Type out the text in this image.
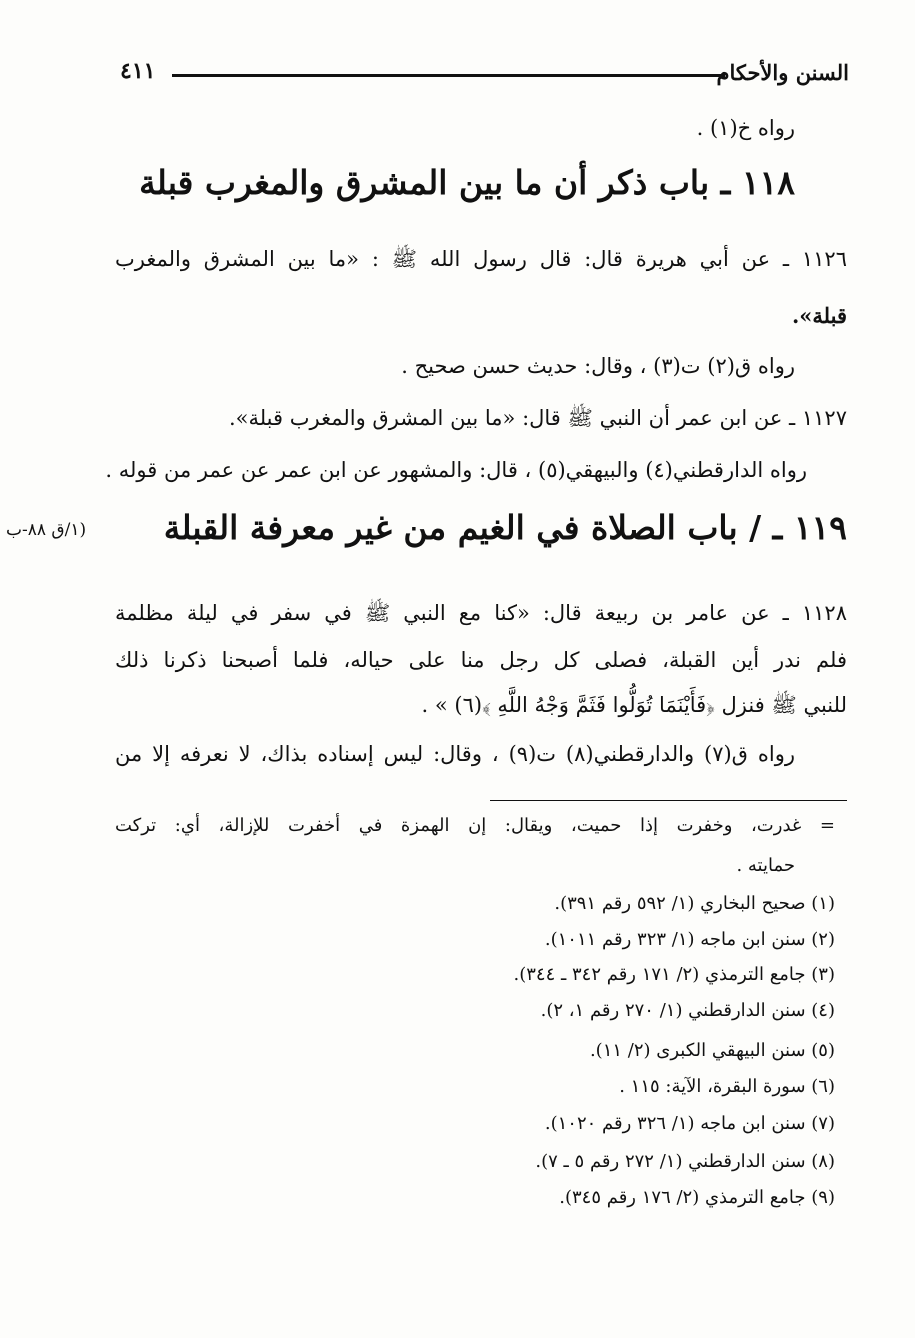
السنن والأحكام
٤١١
رواه خ(١) .
١١٨ ـ باب ذكر أن ما بين المشرق والمغرب قبلة
١١٢٦ ـ عن أبي هريرة قال: قال رسول الله ﷺ : «ما بين المشرق والمغرب
قبلة».
رواه ق(٢) ت(٣) ، وقال: حديث حسن صحيح .
١١٢٧ ـ عن ابن عمر أن النبي ﷺ قال: «ما بين المشرق والمغرب قبلة».
رواه الدارقطني(٤) والبيهقي(٥) ، قال: والمشهور عن ابن عمر عن عمر من قوله .
(١/ق ٨٨-ب ١١٩ ـ / باب الصلاة في الغيم من غير معرفة القبلة
١١٢٨ ـ عن عامر بن ربيعة قال: «كنا مع النبي ﷺ في سفر في ليلة مظلمة
فلم ندر أين القبلة، فصلى كل رجل منا على حياله، فلما أصبحنا ذكرنا ذلك
للنبي ﷺ فنزل ﴿فَأَيْنَمَا تُوَلُّوا فَثَمَّ وَجْهُ اللَّهِ ﴾(٦) » .
رواه ق(٧) والدارقطني(٨) ت(٩) ، وقال: ليس إسناده بذاك، لا نعرفه إلا من
= غدرت، وخفرت إذا حميت، ويقال: إن الهمزة في أخفرت للإزالة، أي: تركت
حمايته .
(١) صحيح البخاري (١/ ٥٩٢ رقم ٣٩١).
(٢) سنن ابن ماجه (١/ ٣٢٣ رقم ١٠١١).
(٣) جامع الترمذي (٢/ ١٧١ رقم ٣٤٢ ـ ٣٤٤).
(٤) سنن الدارقطني (١/ ٢٧٠ رقم ١، ٢).
(٥) سنن البيهقي الكبرى (٢/ ١١).
(٦) سورة البقرة، الآية: ١١٥ .
(٧) سنن ابن ماجه (١/ ٣٢٦ رقم ١٠٢٠).
(٨) سنن الدارقطني (١/ ٢٧٢ رقم ٥ ـ ٧).
(٩) جامع الترمذي (٢/ ١٧٦ رقم ٣٤٥).
